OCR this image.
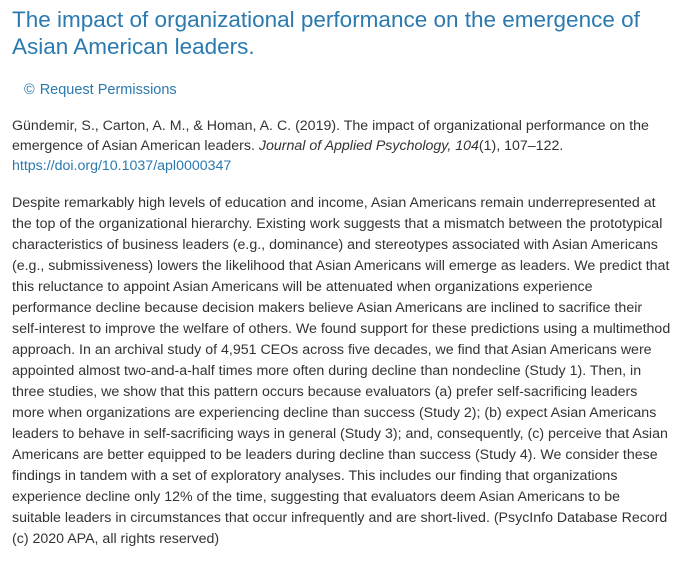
The impact of organizational performance on the emergence of Asian American leaders.
© Request Permissions
Gündemir, S., Carton, A. M., & Homan, A. C. (2019). The impact of organizational performance on the emergence of Asian American leaders. Journal of Applied Psychology, 104(1), 107–122.
https://doi.org/10.1037/apl0000347
Despite remarkably high levels of education and income, Asian Americans remain underrepresented at the top of the organizational hierarchy. Existing work suggests that a mismatch between the prototypical characteristics of business leaders (e.g., dominance) and stereotypes associated with Asian Americans (e.g., submissiveness) lowers the likelihood that Asian Americans will emerge as leaders. We predict that this reluctance to appoint Asian Americans will be attenuated when organizations experience performance decline because decision makers believe Asian Americans are inclined to sacrifice their self-interest to improve the welfare of others. We found support for these predictions using a multimethod approach. In an archival study of 4,951 CEOs across five decades, we find that Asian Americans were appointed almost two-and-a-half times more often during decline than nondecline (Study 1). Then, in three studies, we show that this pattern occurs because evaluators (a) prefer self-sacrificing leaders more when organizations are experiencing decline than success (Study 2); (b) expect Asian Americans leaders to behave in self-sacrificing ways in general (Study 3); and, consequently, (c) perceive that Asian Americans are better equipped to be leaders during decline than success (Study 4). We consider these findings in tandem with a set of exploratory analyses. This includes our finding that organizations experience decline only 12% of the time, suggesting that evaluators deem Asian Americans to be suitable leaders in circumstances that occur infrequently and are short-lived. (PsycInfo Database Record (c) 2020 APA, all rights reserved)
